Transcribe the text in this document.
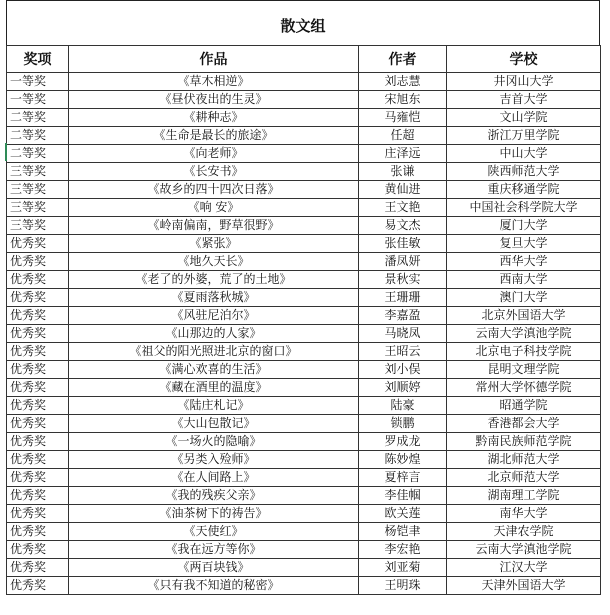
散文组
奖项	作品	作者	学校
一等奖	《草木相逆》	刘志慧	井冈山大学
一等奖	《昼伏夜出的生灵》	宋旭东	吉首大学
二等奖	《耕种志》	马雍恺	文山学院
二等奖	《生命是最长的旅途》	任超	浙江万里学院
二等奖	《向老师》	庄泽远	中山大学
三等奖	《长安书》	张谦	陕西师范大学
三等奖	《故乡的四十四次日落》	黄仙进	重庆移通学院
三等奖	《响 安》	王文艳	中国社会科学院大学
三等奖	《岭南偏南，野草很野》	易文杰	厦门大学
优秀奖	《紧张》	张佳敏	复旦大学
优秀奖	《地久天长》	潘凤妍	西华大学
优秀奖	《老了的外婆，荒了的土地》	景秋实	西南大学
优秀奖	《夏雨落秋城》	王珊珊	澳门大学
优秀奖	《风驻尼泊尔》	李嘉盈	北京外国语大学
优秀奖	《山那边的人家》	马晓凤	云南大学滇池学院
优秀奖	《祖父的阳光照进北京的窗口》	王昭云	北京电子科技学院
优秀奖	《满心欢喜的生活》	刘小俣	昆明文理学院
优秀奖	《藏在酒里的温度》	刘顺婷	常州大学怀德学院
优秀奖	《陆庄札记》	陆豪	昭通学院
优秀奖	《大山包散记》	锁鹏	香港都会大学
优秀奖	《一场火的隐喻》	罗成龙	黔南民族师范学院
优秀奖	《另类入殓师》	陈妙煌	湖北师范大学
优秀奖	《在人间路上》	夏梓言	北京师范大学
优秀奖	《我的残疾父亲》	李佳帼	湖南理工学院
优秀奖	《油茶树下的祷告》	欧关莲	南华大学
优秀奖	《天使红》	杨铠聿	天津农学院
优秀奖	《我在远方等你》	李宏艳	云南大学滇池学院
优秀奖	《两百块钱》	刘亚菊	江汉大学
优秀奖	《只有我不知道的秘密》	王明珠	天津外国语大学
